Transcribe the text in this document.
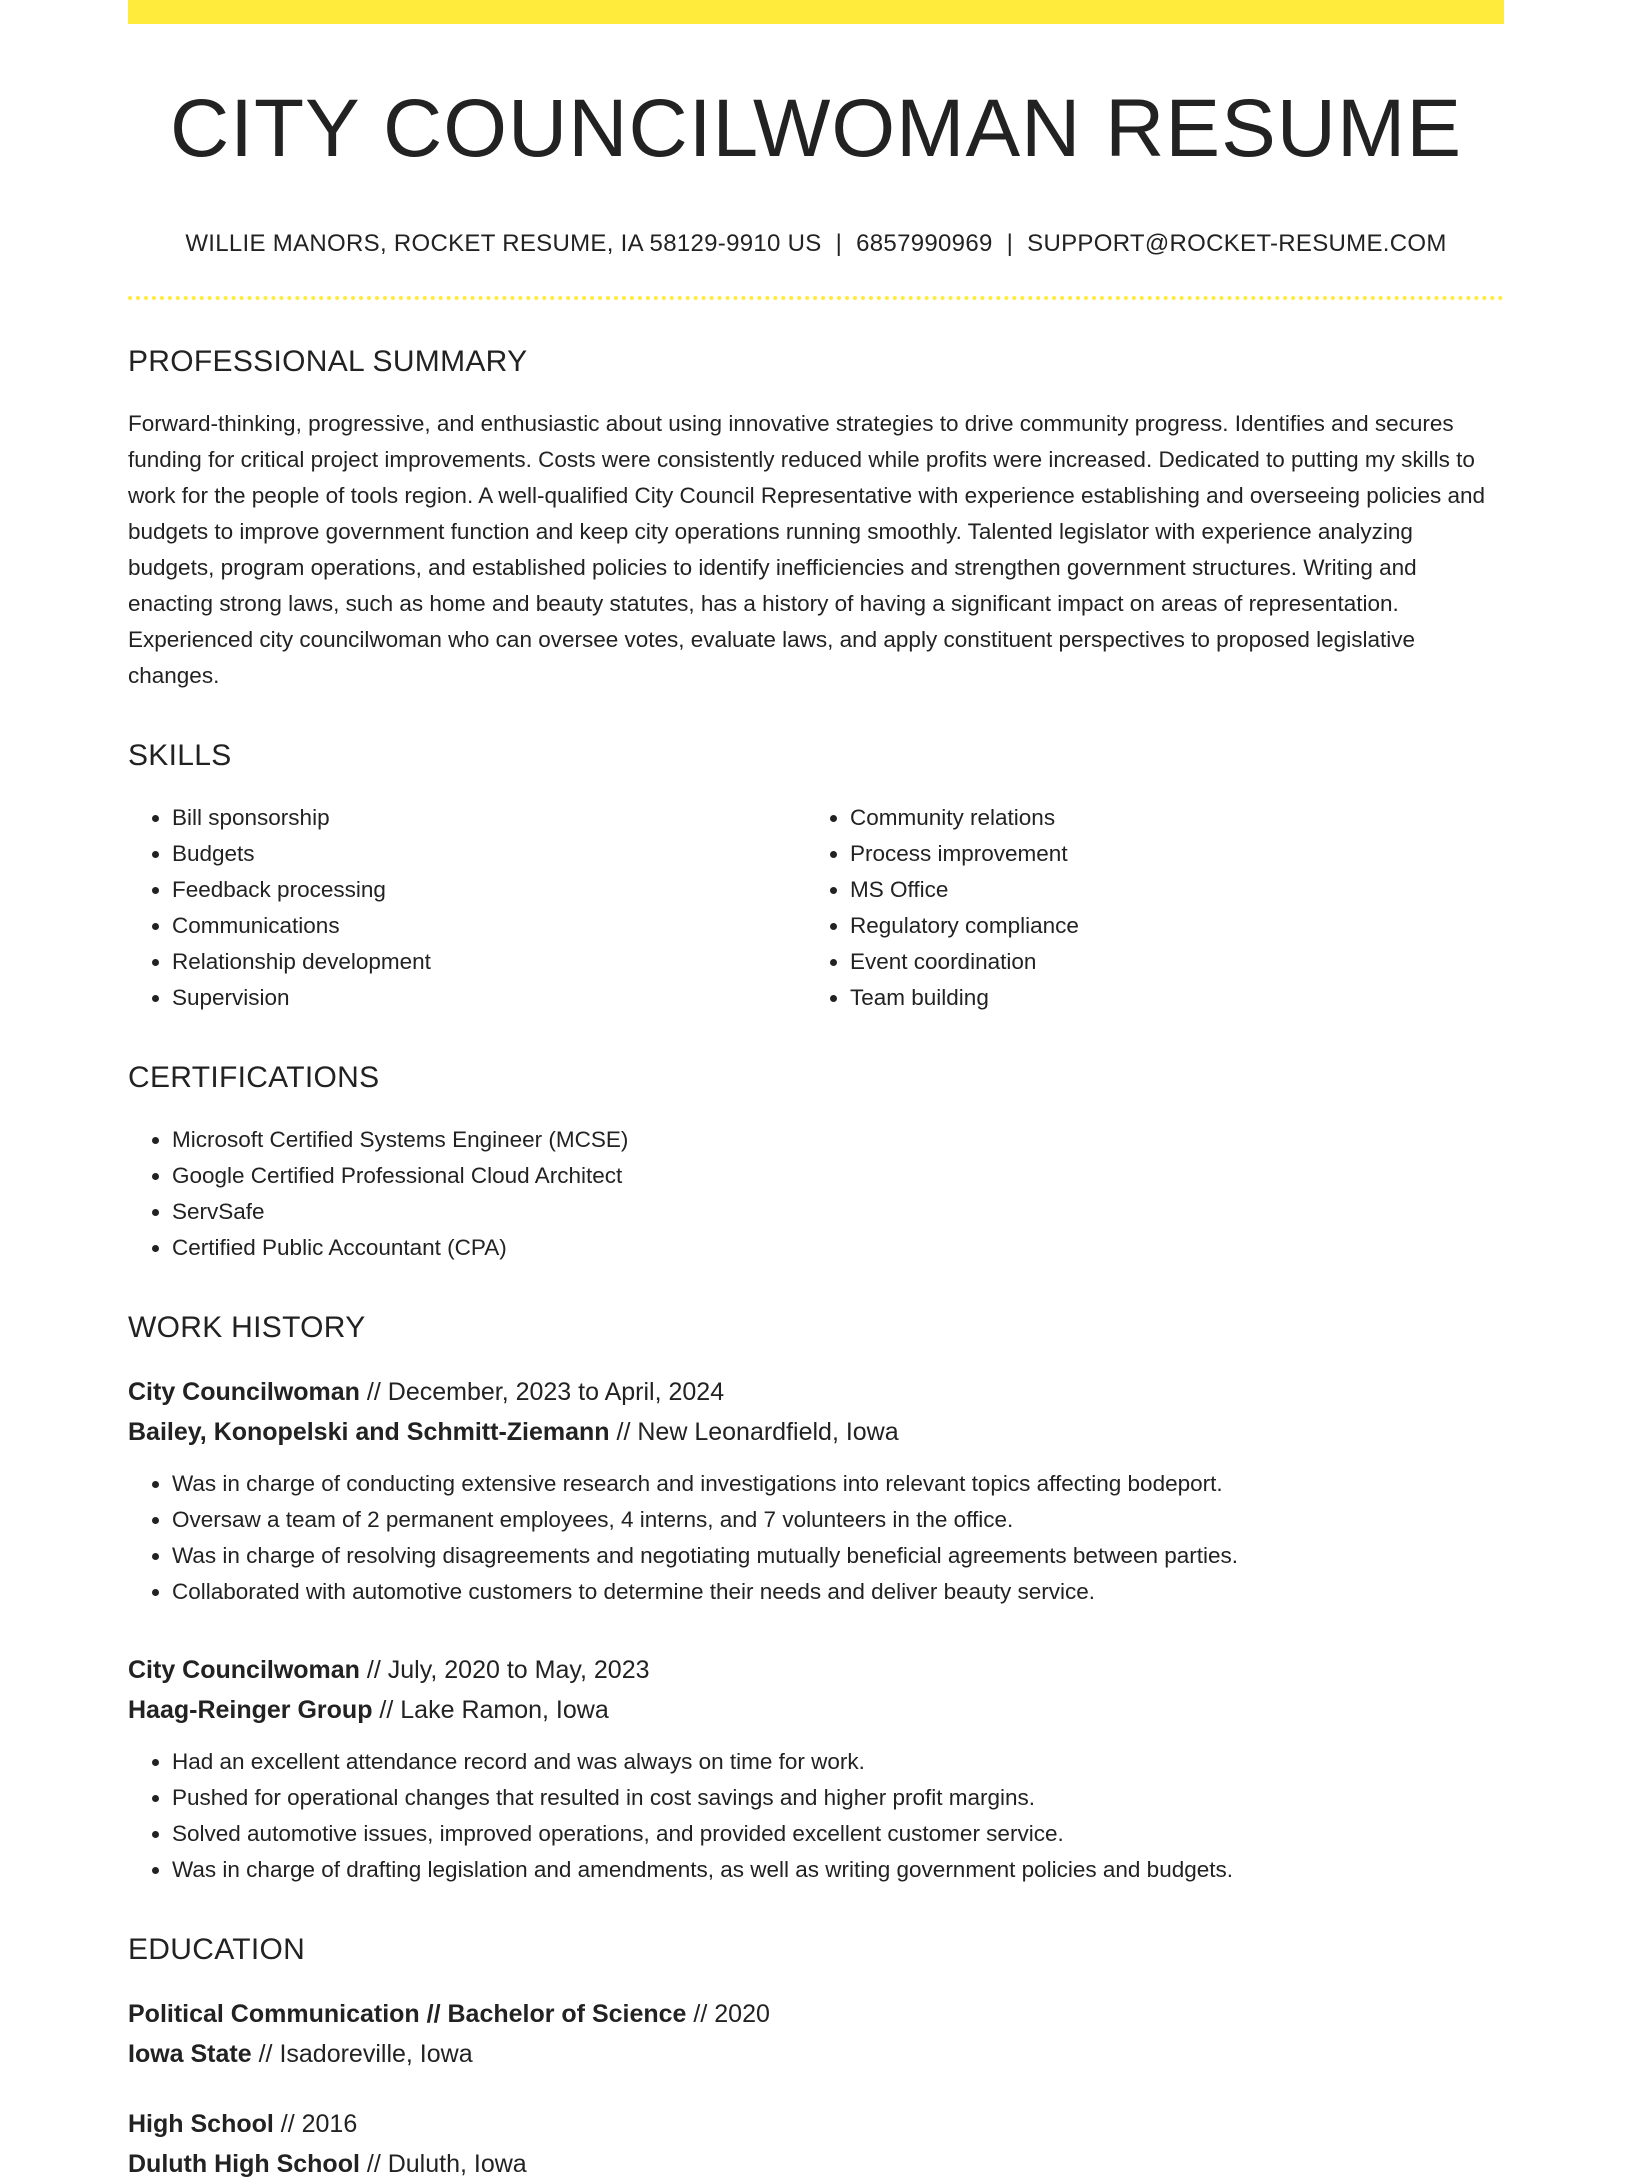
CITY COUNCILWOMAN RESUME
WILLIE MANORS, ROCKET RESUME, IA 58129-9910 US | 6857990969 | SUPPORT@ROCKET-RESUME.COM
PROFESSIONAL SUMMARY

Forward-thinking, progressive, and enthusiastic about using innovative strategies to drive community progress. Identifies and secures funding for critical project improvements. Costs were consistently reduced while profits were increased. Dedicated to putting my skills to work for the people of tools region. A well-qualified City Council Representative with experience establishing and overseeing policies and budgets to improve government function and keep city operations running smoothly. Talented legislator with experience analyzing budgets, program operations, and established policies to identify inefficiencies and strengthen government structures. Writing and enacting strong laws, such as home and beauty statutes, has a history of having a significant impact on areas of representation. Experienced city councilwoman who can oversee votes, evaluate laws, and apply constituent perspectives to proposed legislative changes.

SKILLS
• Bill sponsorship
• Budgets
• Feedback processing
• Communications
• Relationship development
• Supervision
• Community relations
• Process improvement
• MS Office
• Regulatory compliance
• Event coordination
• Team building
CERTIFICATIONS
• Microsoft Certified Systems Engineer (MCSE)
• Google Certified Professional Cloud Architect
• ServSafe
• Certified Public Accountant (CPA)
WORK HISTORY
City Councilwoman // December, 2023 to April, 2024
Bailey, Konopelski and Schmitt-Ziemann // New Leonardfield, Iowa
• Was in charge of conducting extensive research and investigations into relevant topics affecting bodeport.
• Oversaw a team of 2 permanent employees, 4 interns, and 7 volunteers in the office.
• Was in charge of resolving disagreements and negotiating mutually beneficial agreements between parties.
• Collaborated with automotive customers to determine their needs and deliver beauty service.
City Councilwoman // July, 2020 to May, 2023
Haag-Reinger Group // Lake Ramon, Iowa
• Had an excellent attendance record and was always on time for work.
• Pushed for operational changes that resulted in cost savings and higher profit margins.
• Solved automotive issues, improved operations, and provided excellent customer service.
• Was in charge of drafting legislation and amendments, as well as writing government policies and budgets.
EDUCATION
Political Communication // Bachelor of Science // 2020
Iowa State // Isadoreville, Iowa
High School // 2016
Duluth High School // Duluth, Iowa
